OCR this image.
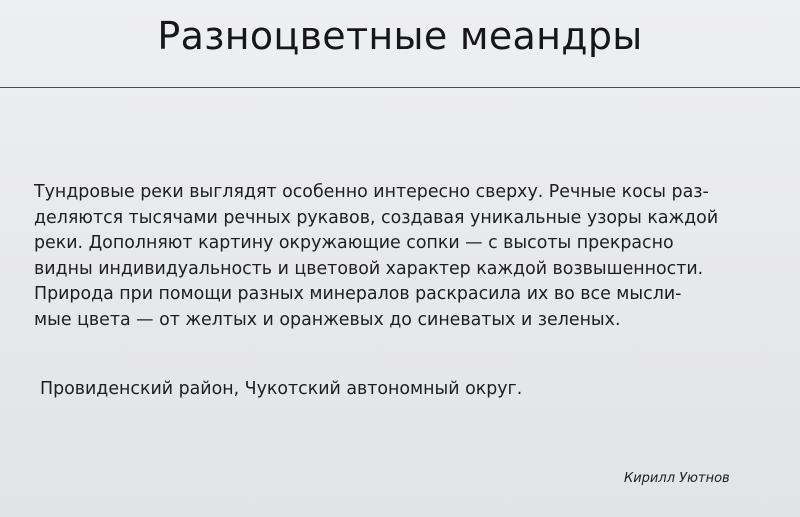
Разноцветные меандры
Тундровые реки выглядят особенно интересно сверху. Речные косы раз-
деляются тысячами речных рукавов, создавая уникальные узоры каждой
реки. Дополняют картину окружающие сопки — с высоты прекрасно
видны индивидуальность и цветовой характер каждой возвышенности.
Природа при помощи разных минералов раскрасила их во все мысли-
мые цвета — от желтых и оранжевых до синеватых и зеленых.
Провиденский район, Чукотский автономный округ.
Кирилл Уютнов
